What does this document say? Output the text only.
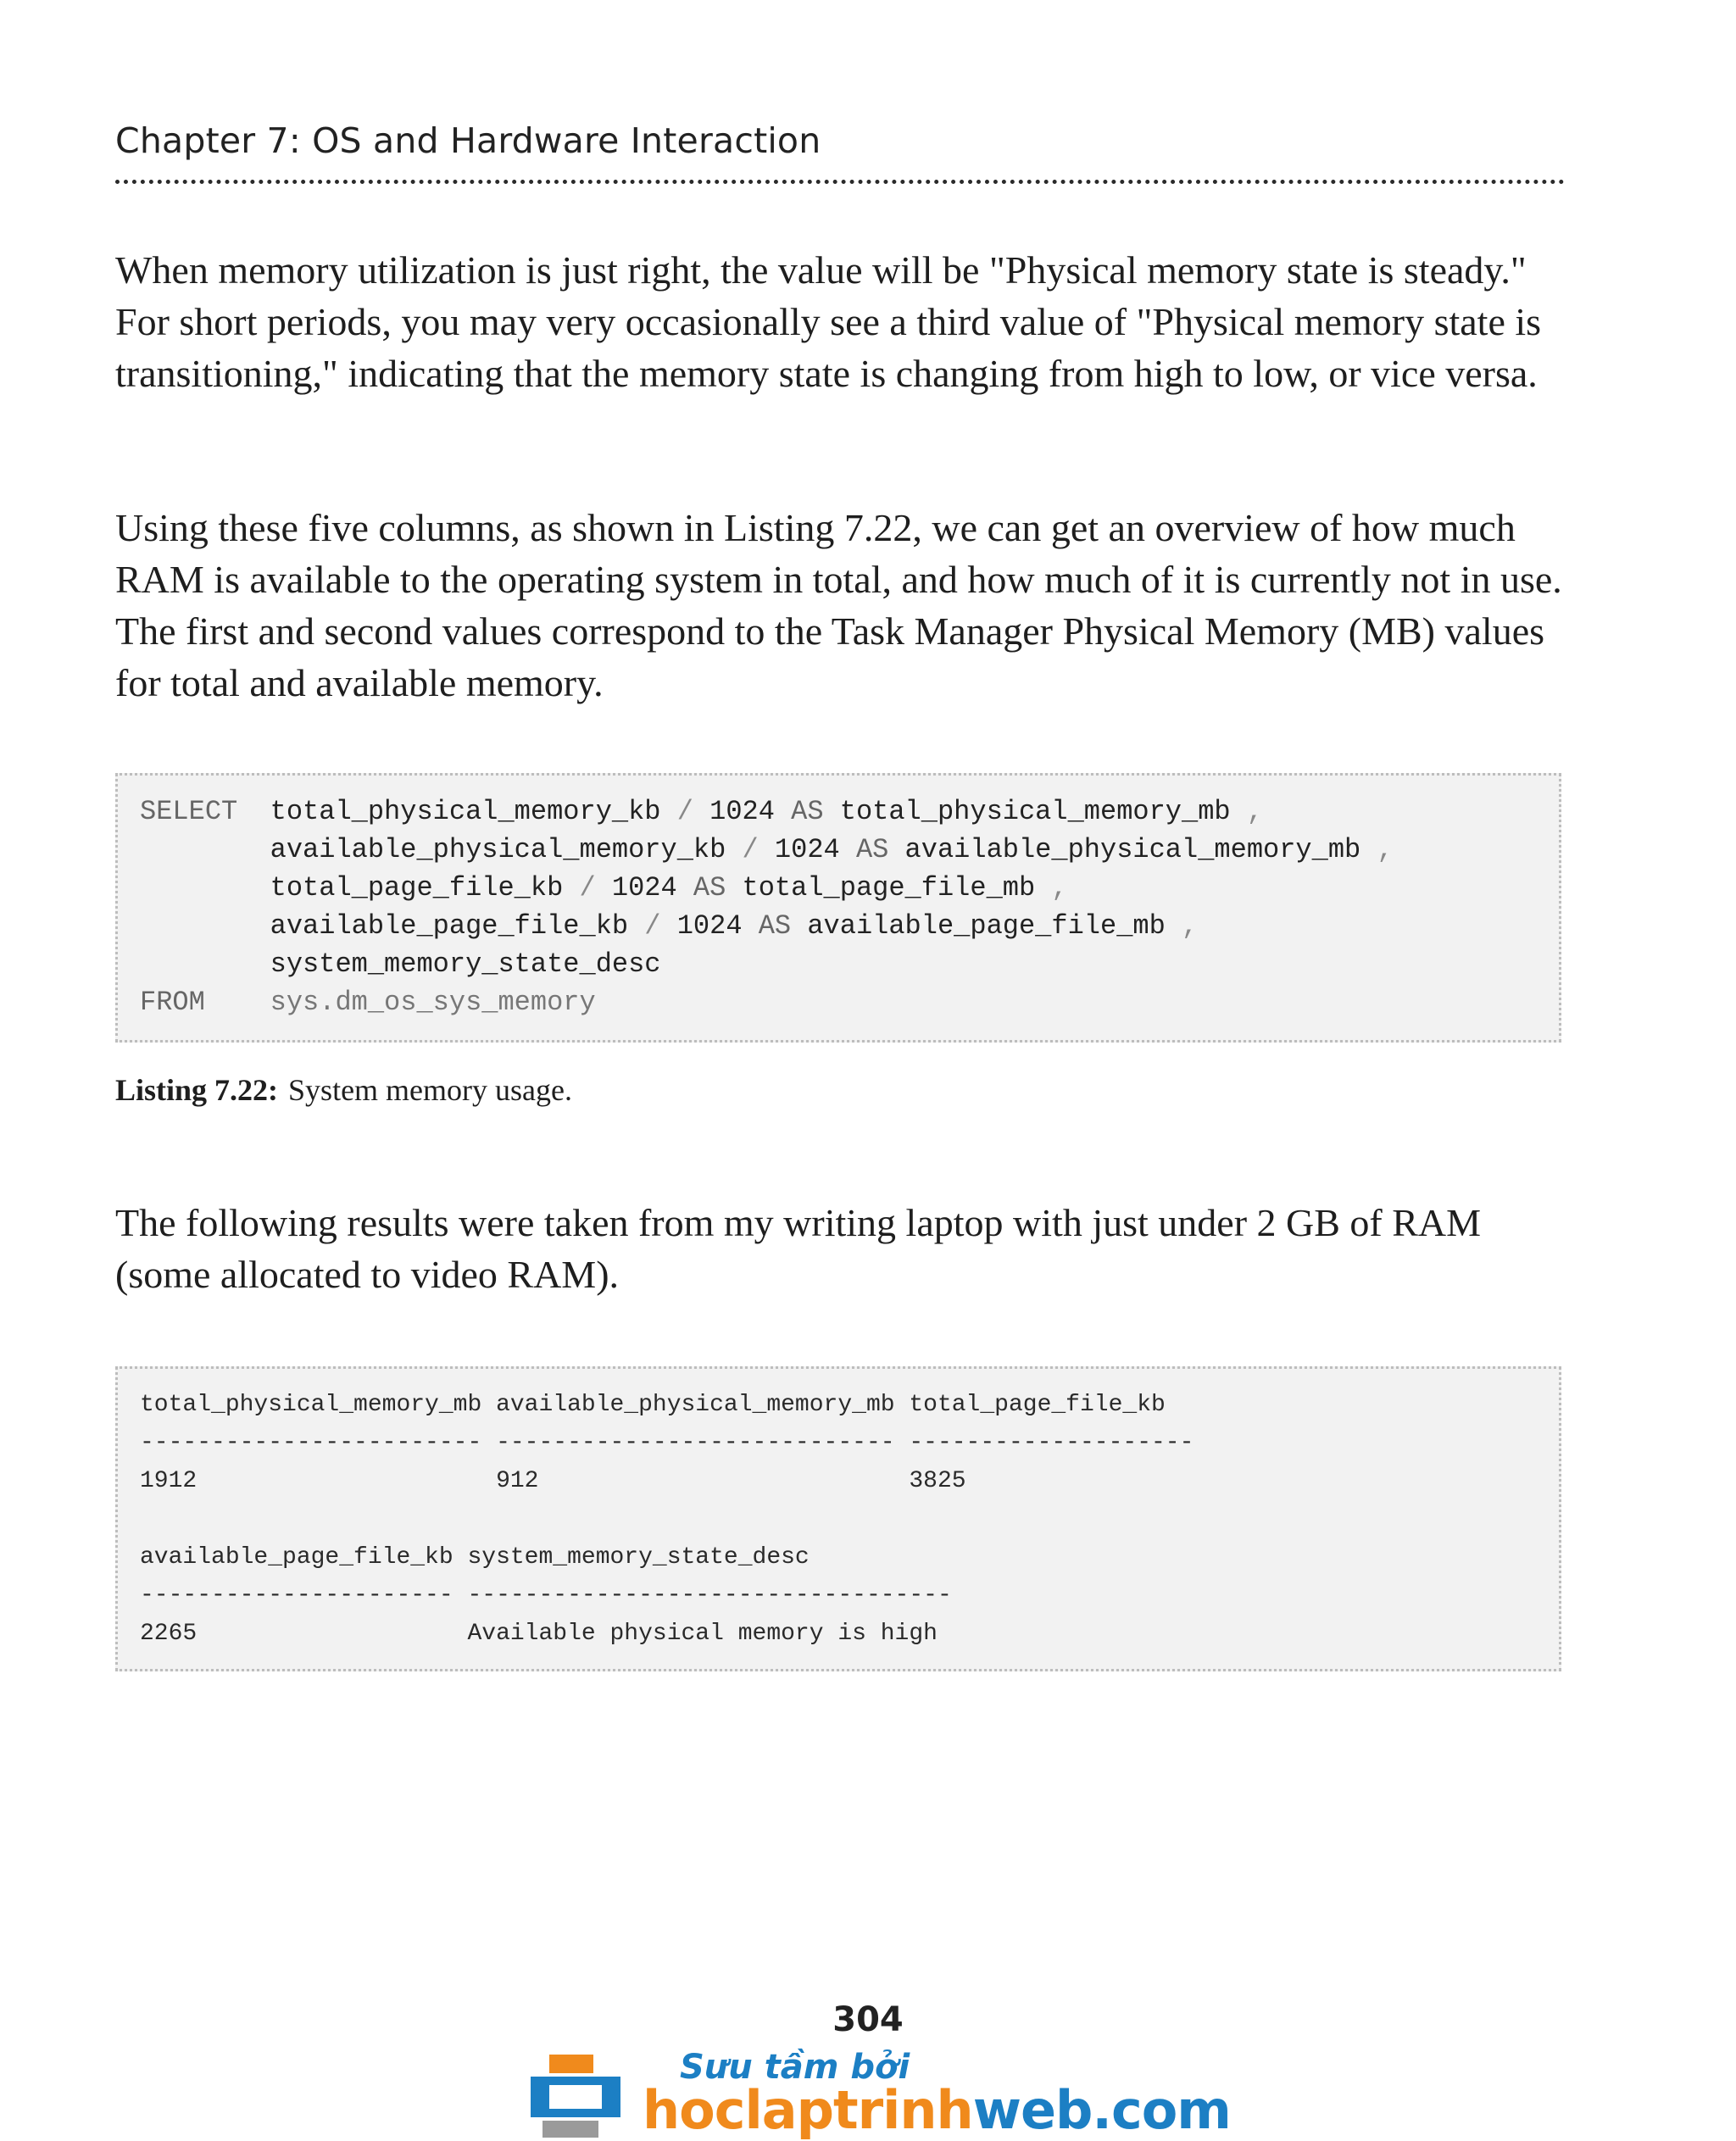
Chapter 7: OS and Hardware Interaction
When memory utilization is just right, the value will be "Physical memory state is steady." For short periods, you may very occasionally see a third value of "Physical memory state is transitioning," indicating that the memory state is changing from high to low, or vice versa.
Using these five columns, as shown in Listing 7.22, we can get an overview of how much RAM is available to the operating system in total, and how much of it is currently not in use. The first and second values correspond to the Task Manager Physical Memory (MB) values for total and available memory.
SELECT total_physical_memory_kb / 1024 AS total_physical_memory_mb ,
available_physical_memory_kb / 1024 AS available_physical_memory_mb ,
total_page_file_kb / 1024 AS total_page_file_mb ,
available_page_file_kb / 1024 AS available_page_file_mb ,
system_memory_state_desc
FROM sys.dm_os_sys_memory
Listing 7.22: System memory usage.
The following results were taken from my writing laptop with just under 2 GB of RAM (some allocated to video RAM).
total_physical_memory_mb available_physical_memory_mb total_page_file_kb
------------------------ ---------------------------- --------------------
1912                     912                          3825
available_page_file_kb system_memory_state_desc
---------------------- ----------------------------------
2265                   Available physical memory is high
304
Sưu tầm bởi
hoclaptrinhweb.com
